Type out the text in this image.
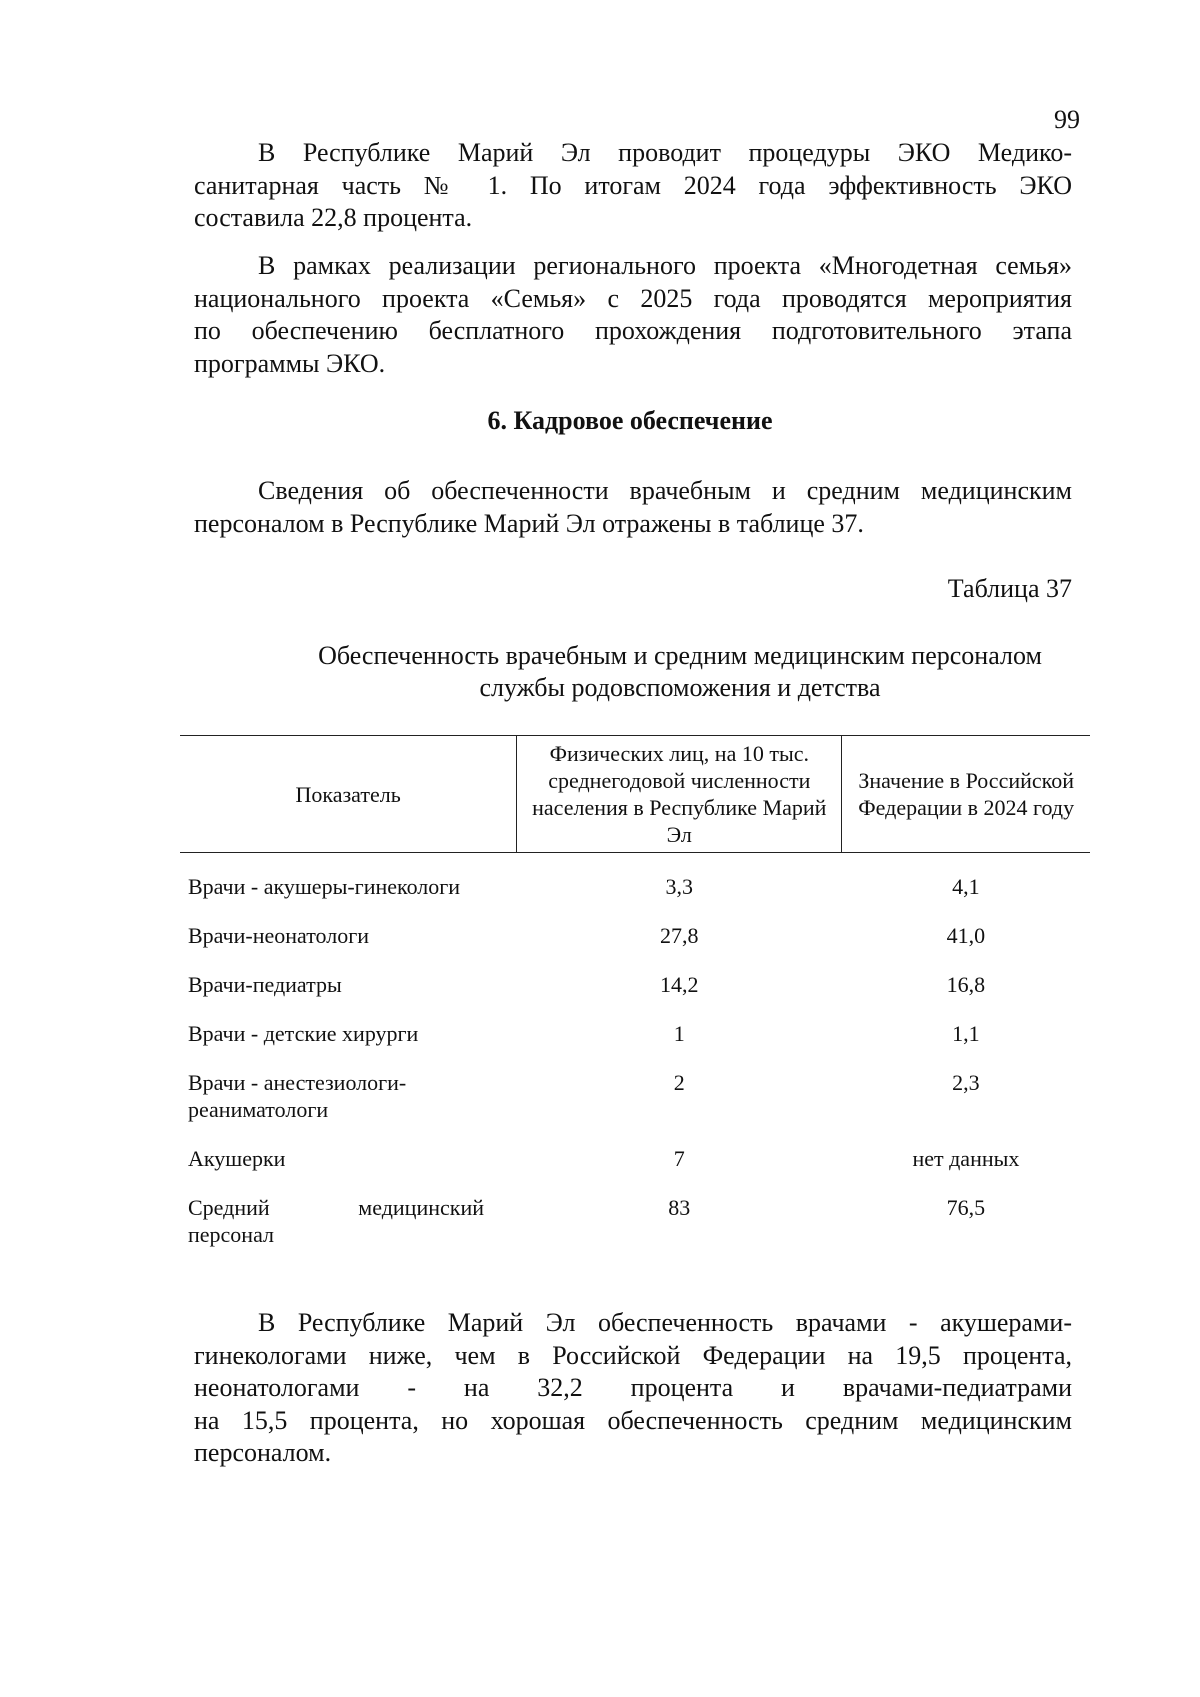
99

В Республике Марий Эл проводит процедуры ЭКО Медико-
санитарная часть № 1. По итогам 2024 года эффективность ЭКО
составила 22,8 процента.

В рамках реализации регионального проекта «Многодетная семья»
национального проекта «Семья» с 2025 года проводятся мероприятия
по обеспечению бесплатного прохождения подготовительного этапа
программы ЭКО.

6. Кадровое обеспечение

Сведения об обеспеченности врачебным и средним медицинским
персоналом в Республике Марий Эл отражены в таблице 37.

Таблица 37
Обеспеченность врачебным и средним медицинским персоналом
службы родовспоможения и детства
Показатель	Физических лиц, на 10 тыс. среднегодовой численности населения в Республике Марий Эл	Значение в Российской Федерации в 2024 году
Врачи - акушеры-гинекологи	3,3	4,1
Врачи-неонатологи	27,8	41,0
Врачи-педиатры	14,2	16,8
Врачи - детские хирурги	1	1,1
Врачи - анестезиологи-реаниматологи	2	2,3
Акушерки	7	нет данных

Средний медицинский персонал	83	76,5

В Республике Марий Эл обеспеченность врачами - акушерами-
гинекологами ниже, чем в Российской Федерации на 19,5 процента,
неонатологами - на 32,2 процента и врачами-педиатрами
на 15,5 процента, но хорошая обеспеченность средним медицинским
персоналом.
